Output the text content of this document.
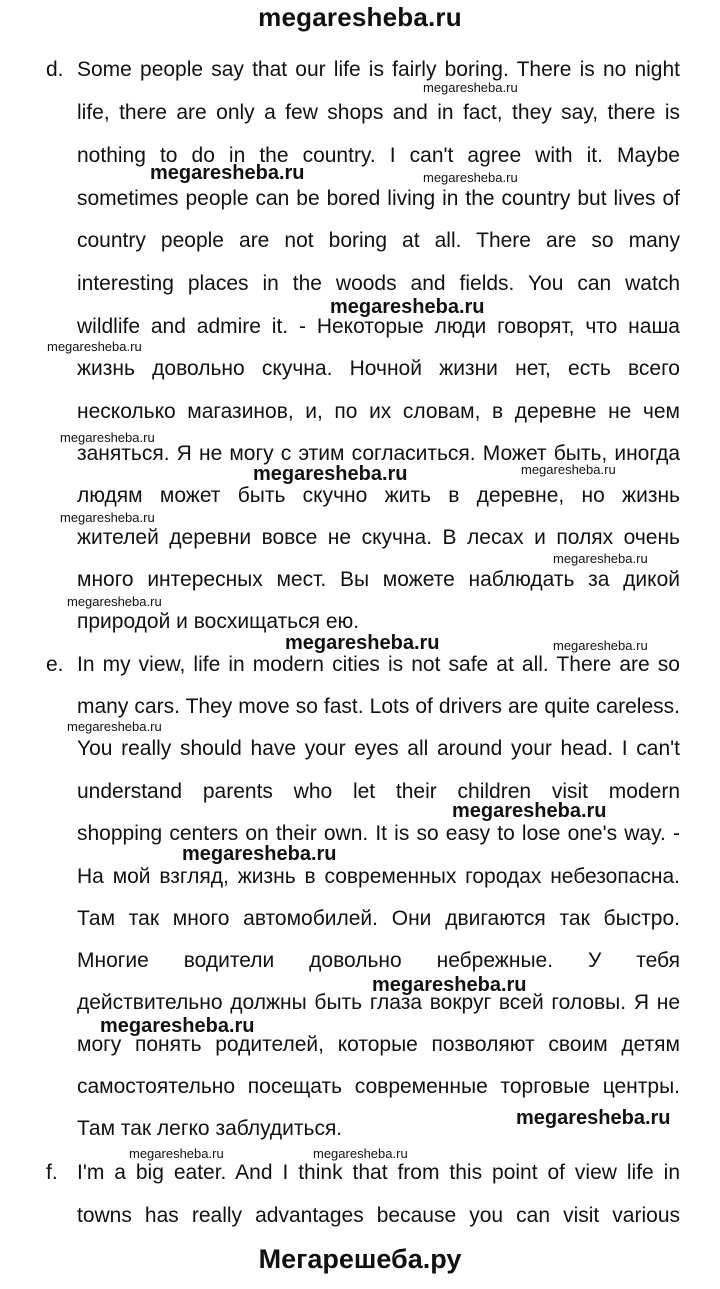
megaresheba.ru
d. Some people say that our life is fairly boring. There is no night
life, there are only a few shops and in fact, they say, there is
nothing to do in the country. I can't agree with it. Maybe
sometimes people can be bored living in the country but lives of
country people are not boring at all. There are so many
interesting places in the woods and fields. You can watch
wildlife and admire it. - Некоторые люди говорят, что наша
жизнь довольно скучна. Ночной жизни нет, есть всего
несколько магазинов, и, по их словам, в деревне не чем
заняться. Я не могу с этим согласиться. Может быть, иногда
людям может быть скучно жить в деревне, но жизнь
жителей деревни вовсе не скучна. В лесах и полях очень
много интересных мест. Вы можете наблюдать за дикой
природой и восхищаться ею.
e. In my view, life in modern cities is not safe at all. There are so
many cars. They move so fast. Lots of drivers are quite careless.
You really should have your eyes all around your head. I can't
understand parents who let their children visit modern
shopping centers on their own. It is so easy to lose one's way. -
На мой взгляд, жизнь в современных городах небезопасна.
Там так много автомобилей. Они двигаются так быстро.
Многие водители довольно небрежные. У тебя
действительно должны быть глаза вокруг всей головы. Я не
могу понять родителей, которые позволяют своим детям
самостоятельно посещать современные торговые центры.
Там так легко заблудиться.
f. I'm a big eater. And I think that from this point of view life in
towns has really advantages because you can visit various
megaresheba.ru
megaresheba.ru	megaresheba.ru
megaresheba.ru
megaresheba.ru
megaresheba.ru
megaresheba.ru	megaresheba.ru
megaresheba.ru
megaresheba.ru
megaresheba.ru
megaresheba.ru	megaresheba.ru
megaresheba.ru
megaresheba.ru
megaresheba.ru
megaresheba.ru
megaresheba.ru
megaresheba.ru
megaresheba.ru	megaresheba.ru
Мегарешеба.ру
